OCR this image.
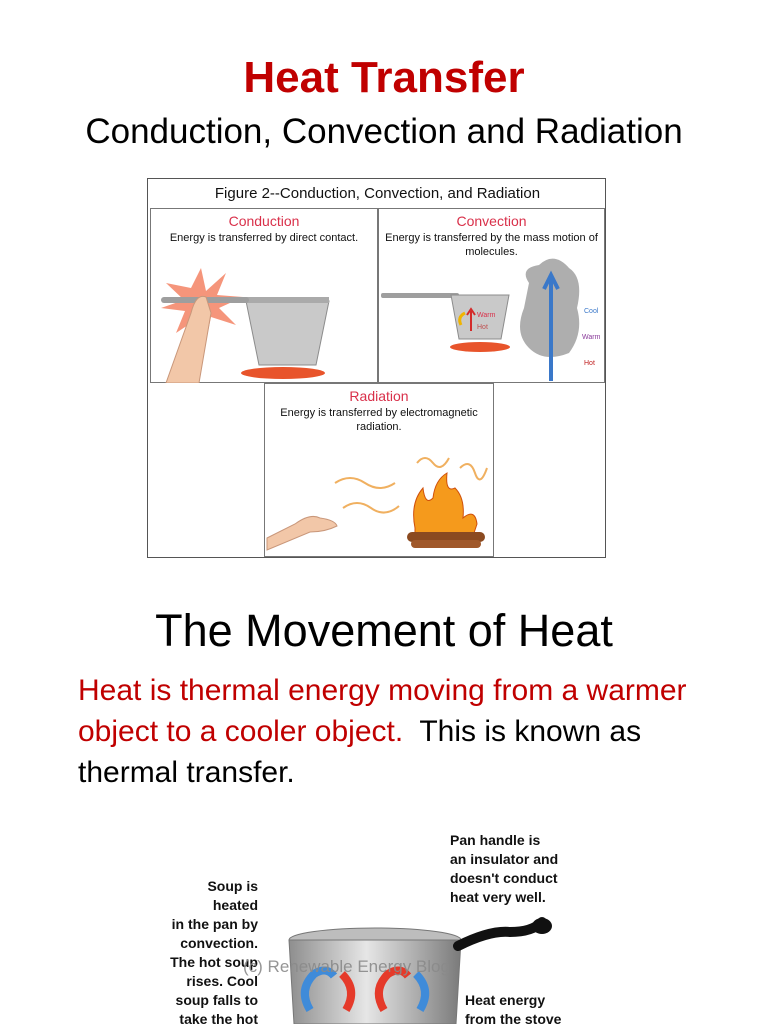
Heat Transfer
Conduction, Convection and Radiation
Figure 2--Conduction, Convection, and Radiation
Conduction
Energy is transferred by direct contact.
Convection
Energy is transferred by the mass motion of molecules.
Warm
Hot
Cool
Warm
Hot
Radiation
Energy is transferred by electromagnetic radiation.
The Movement of Heat
Heat is thermal energy moving from a warmer object to a cooler object. This is known as thermal transfer.
Soup is
heated
in the pan by
convection.
The hot soup
rises. Cool
soup falls to
take the hot
Pan handle is
an insulator and
doesn't conduct
heat very well.
Heat energy
from the stove
(c) Renewable Energy Blog
